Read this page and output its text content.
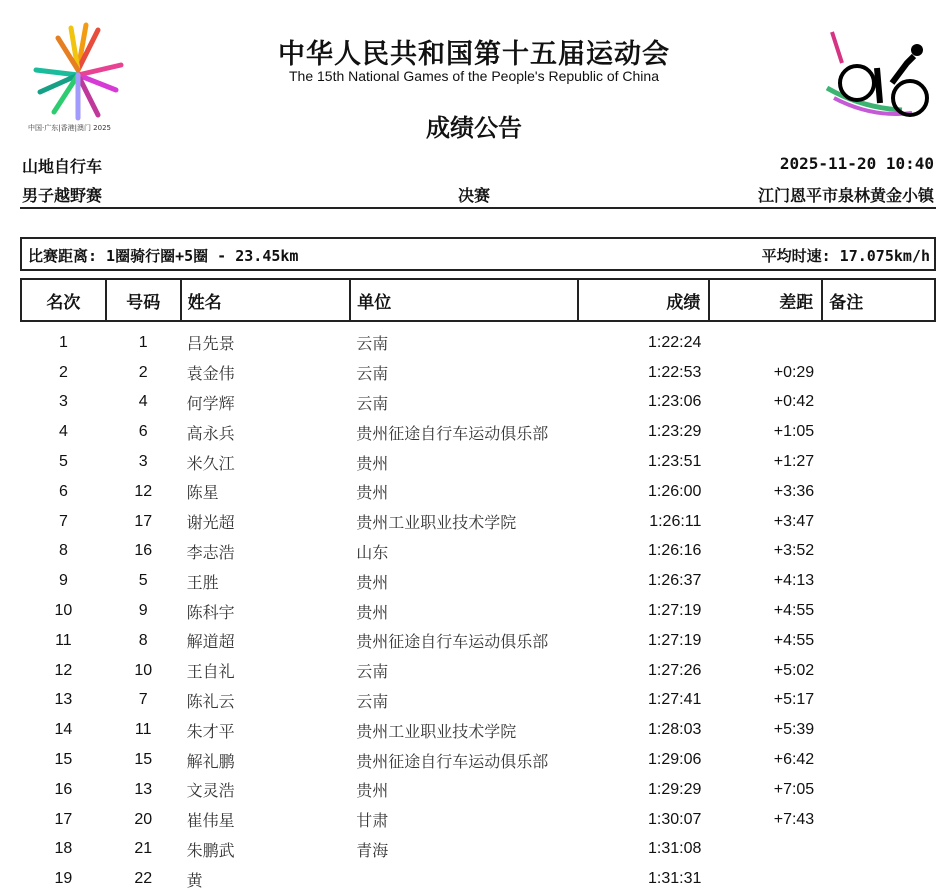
中国·广东|香港|澳门 2025
中华人民共和国第十五届运动会
The 15th National Games of the People's Republic of China
成绩公告
山地自行车	2025-11-20 10:40
男子越野赛	决赛	江门恩平市泉林黄金小镇
比赛距离: 1圈骑行圈+5圈 - 23.45km	平均时速: 17.075km/h
名次	号码	姓名	单位	成绩	差距	备注

1	1	吕先景	云南	1:22:24		
2	2	袁金伟	云南	1:22:53	+0:29	
3	4	何学辉	云南	1:23:06	+0:42	
4	6	高永兵	贵州征途自行车运动俱乐部	1:23:29	+1:05	
5	3	米久江	贵州	1:23:51	+1:27	
6	12	陈星	贵州	1:26:00	+3:36	
7	17	谢光超	贵州工业职业技术学院	1:26:11	+3:47	
8	16	李志浩	山东	1:26:16	+3:52	
9	5	王胜	贵州	1:26:37	+4:13	
10	9	陈科宇	贵州	1:27:19	+4:55	
11	8	解道超	贵州征途自行车运动俱乐部	1:27:19	+4:55	
12	10	王自礼	云南	1:27:26	+5:02	
13	7	陈礼云	云南	1:27:41	+5:17	
14	11	朱才平	贵州工业职业技术学院	1:28:03	+5:39	
15	15	解礼鹏	贵州征途自行车运动俱乐部	1:29:06	+6:42	
16	13	文灵浩	贵州	1:29:29	+7:05	
17	20	崔伟星	甘肃	1:30:07	+7:43	
18	21	朱鹏武	青海	1:31:08		
19	22	黄		1:31:31		
